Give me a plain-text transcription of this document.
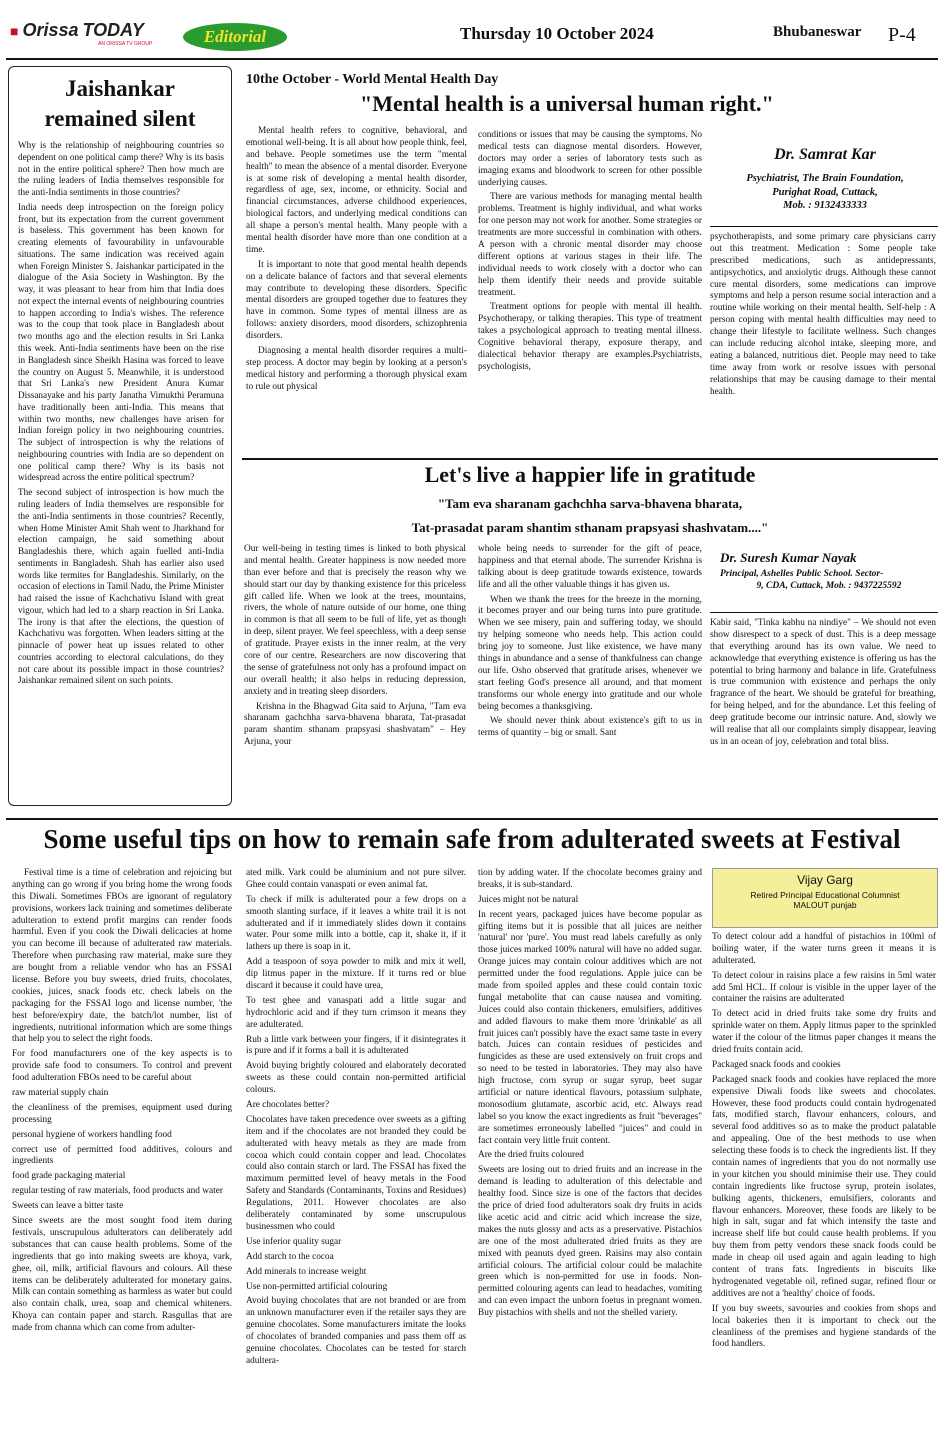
■ Orissa TODAY
AN ORISSA TV GROUP	Editorial	Thursday 10 October 2024	Bhubaneswar P-4
Jaishankar remained silent

Why is the relationship of neighbouring countries so dependent on one political camp there? Why is its basis not in the entire political sphere? Then how much are the ruling leaders of India themselves responsible for the anti-India sentiments in those countries?

India needs deep introspection on the foreign policy front, but its expectation from the current government is baseless. This government has been known for creating elements of favourability in unfavourable situations. The same indication was received again when Foreign Minister S. Jaishankar participated in the dialogue of the Asia Society in Washington. By the way, it was pleasant to hear from him that India does not expect the internal events of neighbouring countries to happen according to India's wishes. The reference was to the coup that took place in Bangladesh about two months ago and the election results in Sri Lanka this week. Anti-India sentiments have been on the rise in Bangladesh since Sheikh Hasina was forced to leave the country on August 5. Meanwhile, it is understood that Sri Lanka's new President Anura Kumar Dissanayake and his party Janatha Vimukthi Peramuna have traditionally been anti-India. This means that within two months, new challenges have arisen for Indian foreign policy in two neighbouring countries. The subject of introspection is why the relations of neighbouring countries with India are so dependent on one political camp there? Why is its basis not widespread across the entire political spectrum?

The second subject of introspection is how much the ruling leaders of India themselves are responsible for the anti-India sentiments in those countries? Recently, when Home Minister Amit Shah went to Jharkhand for election campaign, he said something about Bangladeshis there, which again fuelled anti-India sentiments in Bangladesh. Shah has earlier also used words like termites for Bangladeshis. Similarly, on the occasion of elections in Tamil Nadu, the Prime Minister had raised the issue of Kachchativu Island with great vigour, which had led to a sharp reaction in Sri Lanka. The irony is that after the elections, the question of Kachchativu was forgotten. When leaders sitting at the pinnacle of power heat up issues related to other countries according to electoral calculations, do they not care about its possible impact in those countries? Jaishankar remained silent on such points.

10the October - World Mental Health Day
"Mental health is a universal human right."

Mental health refers to cognitive, behavioral, and emotional well-being. It is all about how people think, feel, and behave. People sometimes use the term "mental health" to mean the absence of a mental disorder. Everyone is at some risk of developing a mental health disorder, regardless of age, sex, income, or ethnicity. Social and financial circumstances, adverse childhood experiences, biological factors, and underlying medical conditions can all shape a person's mental health. Many people with a mental health disorder have more than one condition at a time.

It is important to note that good mental health depends on a delicate balance of factors and that several elements may contribute to developing these disorders. Specific mental disorders are grouped together due to features they have in common. Some types of mental illness are as follows: anxiety disorders, mood disorders, schizophrenia disorders.

Diagnosing a mental health disorder requires a multi-step process. A doctor may begin by looking at a person's medical history and performing a thorough physical exam to rule out physical

conditions or issues that may be causing the symptoms. No medical tests can diagnose mental disorders. However, doctors may order a series of laboratory tests such as imaging exams and bloodwork to screen for other possible underlying causes.

There are various methods for managing mental health problems. Treatment is highly individual, and what works for one person may not work for another. Some strategies or treatments are more successful in combination with others. A person with a chronic mental disorder may choose different options at various stages in their life. The individual needs to work closely with a doctor who can help them identify their needs and provide suitable treatment.

Treatment options for people with mental ill health. Psychotherapy, or talking therapies. This type of treatment takes a psychological approach to treating mental illness. Cognitive behavioral therapy, exposure therapy, and dialectical behavior therapy are examples.Psychiatrists, psychologists,

Dr. Samrat Kar
Psychiatrist, The Brain Foundation,
Purighat Road, Cuttack,
Mob. : 9132433333

psychotherapists, and some primary care physicians carry out this treatment. Medication : Some people take prescribed medications, such as antidepressants, antipsychotics, and anxiolytic drugs. Although these cannot cure mental disorders, some medications can improve symptoms and help a person resume social interaction and a routine while working on their mental health. Self-help : A person coping with mental health difficulties may need to change their lifestyle to facilitate wellness. Such changes can include reducing alcohol intake, sleeping more, and eating a balanced, nutritious diet. People may need to take time away from work or resolve issues with personal relationships that may be causing damage to their mental health.

Let's live a happier life in gratitude
"Tam eva sharanam gachchha sarva-bhavena bharata,
Tat-prasadat param shantim sthanam prapsyasi shashvatam...."

Our well-being in testing times is linked to both physical and mental health. Greater happiness is now needed more than ever before and that is precisely the reason why we should start our day by thanking existence for this priceless gift called life. When we look at the trees, mountains, rivers, the whole of nature outside of our home, one thing in common is that all seem to be full of life, yet as though in deep, silent prayer. We feel speechless, with a deep sense of gratitude. Prayer exists in the inner realm, at the very core of our centre. Researchers are now discovering that the sense of gratefulness not only has a profound impact on our overall health; it also helps in reducing depression, anxiety and in treating sleep disorders.

Krishna in the Bhagwad Gita said to Arjuna, "Tam eva sharanam gachchha sarva-bhavena bharata, Tat-prasadat param shantim sthanam prapsyasi shashvatam" – Hey Arjuna, your

whole being needs to surrender for the gift of peace, happiness and that eternal abode. The surrender Krishna is talking about is deep gratitude towards existence, towards life and all the other valuable things it has given us.

When we thank the trees for the breeze in the morning, it becomes prayer and our being turns into pure gratitude. When we see misery, pain and suffering today, we should try helping someone who needs help. This action could bring joy to someone. Just like existence, we have many things in abundance and a sense of thankfulness can change our life. Osho observed that gratitude arises, whenever we start feeling God's presence all around, and that moment transforms our whole energy into gratitude and our whole being becomes a thanksgiving.

We should never think about existence's gift to us in terms of quantity – big or small. Sant

Dr. Suresh Kumar Nayak
Principal, Ashelles Public School. Sector-
9, CDA, Cuttack, Mob. : 9437225592

Kabir said, "Tinka kabhu na nindiye" – We should not even show disrespect to a speck of dust. This is a deep message that everything around has its own value. We need to acknowledge that everything existence is offering us has the potential to bring harmony and balance in life. Gratefulness is true communion with existence and perhaps the only fragrance of the heart. We should be grateful for breathing, for being helped, and for the abundance. Let this feeling of deep gratitude become our intrinsic nature. And, slowly we will realise that all our complaints simply disappear, leaving us in an ocean of joy, celebration and total bliss.

Some useful tips on how to remain safe from adulterated sweets at Festival

Festival time is a time of celebration and rejoicing but anything can go wrong if you bring home the wrong foods this Diwali. Sometimes FBOs are ignorant of regulatory provisions, workers lack training and sometimes deliberate adulteration to extend profit margins can render foods harmful. Even if you cook the Diwali delicacies at home you can become ill because of adulterated raw materials. Therefore when purchasing raw material, make sure they are bought from a reliable vendor who has an FSSAI license. Before you buy sweets, dried fruits, chocolates, cookies, juices, snack foods etc. check labels on the packaging for the FSSAI logo and license number, 'the best before/expiry date, the batch/lot number, list of ingredients, nutritional information which are some things that help you to select the right foods.

For food manufacturers one of the key aspects is to provide safe food to consumers. To control and prevent food adulteration FBOs need to be careful about

raw material supply chain

the cleanliness of the premises, equipment used during processing

personal hygiene of workers handling food

correct use of permitted food additives, colours and ingredients

food grade packaging material

regular testing of raw materials, food products and water

Sweets can leave a bitter taste

Since sweets are the most sought food item during festivals, unscrupulous adulterators can deliberately add substances that can cause health problems. Some of the ingredients that go into making sweets are khoya, vark, ghee, oil, milk, artificial flavours and colours. All these items can be deliberately adulterated for monetary gains. Milk can contain something as harmless as water but could also contain chalk, urea, soap and chemical whiteners. Khoya can contain paper and starch. Rasgullas that are made from channa which can come from adulter-

ated milk. Vark could be aluminium and not pure silver. Ghee could contain vanaspati or even animal fat.

To check if milk is adulterated pour a few drops on a smooth slanting surface, if it leaves a white trail it is not adulterated and if it immediately slides down it contains water. Pour some milk into a bottle, cap it, shake it, if it lathers up there is soap in it.

Add a teaspoon of soya powder to milk and mix it well, dip litmus paper in the mixture. If it turns red or blue discard it because it could have urea,

To test ghee and vanaspati add a little sugar and hydrochloric acid and if they turn crimson it means they are adulterated.

Rub a little vark between your fingers, if it disintegrates it is pure and if it forms a ball it is adulterated

Avoid buying brightly coloured and elaborately decorated sweets as these could contain non-permitted artificial colours.

Are chocolates better?

Chocolates have taken precedence over sweets as a gifting item and if the chocolates are not branded they could be adulterated with heavy metals as they are made from cocoa which could contain copper and lead. Chocolates could also contain starch or lard. The FSSAI has fixed the maximum permitted level of heavy metals in the Food Safety and Standards (Contaminants, Toxins and Residues) Regulations, 2011. However chocolates are also deliberately contaminated by some unscrupulous businessmen who could

Use inferior quality sugar

Add starch to the cocoa

Add minerals to increase weight

Use non-permitted artificial colouring

Avoid buying chocolates that are not branded or are from an unknown manufacturer even if the retailer says they are genuine chocolates. Some manufacturers imitate the looks of chocolates of branded companies and pass them off as genuine chocolates. Chocolates can be tested for starch adultera-

tion by adding water. If the chocolate becomes grainy and breaks, it is sub-standard.

Juices might not be natural

In recent years, packaged juices have become popular as gifting items but it is possible that all juices are neither 'natural' nor 'pure'. You must read labels carefully as only those juices marked 100% natural will have no added sugar. Orange juices may contain colour additives which are not permitted under the food regulations. Apple juice can be made from spoiled apples and these could contain toxic fungal metabolite that can cause nausea and vomiting. Juices could also contain thickeners, emulsifiers, additives and added flavours to make them more 'drinkable' as all fruit juices can't possibly have the exact same taste in every batch. Juices can contain residues of pesticides and fungicides as these are used extensively on fruit crops and so need to be tested in laboratories. They may also have high fructose, corn syrup or sugar syrup, beet sugar artificial or nature identical flavours, potassium sulphate, monosodium glutamate, ascorbic acid, etc. Always read label so you know the exact ingredients as fruit "beverages" are sometimes erroneously labelled "juices" and could in fact contain very little fruit content.

Are the dried fruits coloured

Sweets are losing out to dried fruits and an increase in the demand is leading to adulteration of this delectable and healthy food. Since size is one of the factors that decides the price of dried food adulterators soak dry fruits in acids like acetic acid and citric acid which increase the size, makes the nuts glossy and acts as a preservative. Pistachios are one of the most adulterated dried fruits as they are mixed with peanuts dyed green. Raisins may also contain artificial colours. The artificial colour could be malachite green which is non-permitted for use in foods. Non-permitted colouring agents can lead to headaches, vomiting and can even impact the unborn foetus in pregnant women. Buy pistachios with shells and not the shelled variety.

Vijay Garg
Retired Principal Educational Columnist
MALOUT punjab

To detect colour add a handful of pistachios in 100ml of boiling water, if the water turns green it means it is adulterated.

To detect colour in raisins place a few raisins in 5ml water add 5ml HCL. If colour is visible in the upper layer of the container the raisins are adulterated

To detect acid in dried fruits take some dry fruits and sprinkle water on them. Apply litmus paper to the sprinkled water if the colour of the litmus paper changes it means the dried fruits contain acid.

Packaged snack foods and cookies

Packaged snack foods and cookies have replaced the more expensive Diwali foods like sweets and chocolates. However, these food products could contain hydrogenated fats, modified starch, flavour enhancers, colours, and several food additives so as to make the product palatable and appealing. One of the best methods to use when selecting these foods is to check the ingredients list. If they contain names of ingredients that you do not normally use in your kitchen you should minimise their use. They could contain ingredients like fructose syrup, protein isolates, bulking agents, thickeners, emulsifiers, colorants and flavour enhancers. Moreover, these foods are likely to be high in salt, sugar and fat which intensify the taste and increase shelf life but could cause health problems. If you buy them from petty vendors these snack foods could be made in cheap oil used again and again leading to high content of trans fats. Ingredients in biscuits like hydrogenated vegetable oil, refined sugar, refined flour or additives are not a 'healthy' choice of foods.

If you buy sweets, savouries and cookies from shops and local bakeries then it is important to check out the cleanliness of the premises and hygiene standards of the food handlers.
